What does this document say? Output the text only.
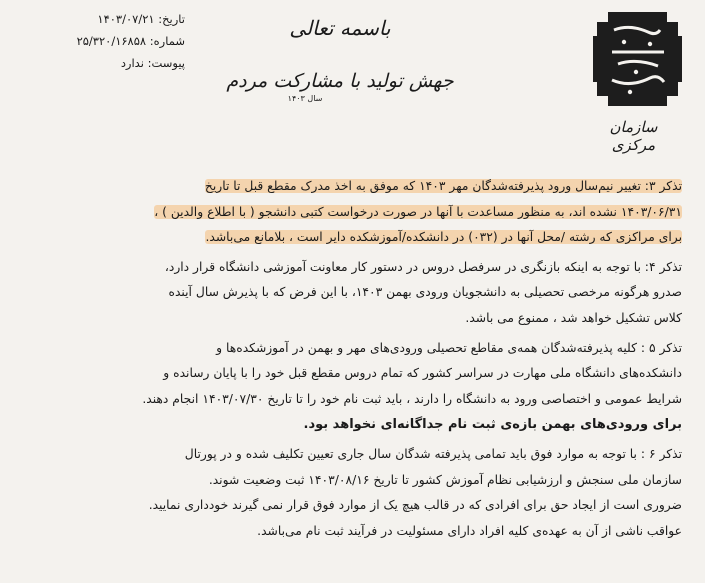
تاریخ: ۱۴۰۳/۰۷/۲۱
شماره: ۲۵/۳۲۰/۱۶۸۵۸
پیوست: ندارد
باسمه تعالی
جهش تولید با مشارکت مردم
سال ۱۴۰۳
سازمان مرکزی
تذکر ۳: تغییر نیم‌سال ورود پذیرفته‌شدگان مهر ۱۴۰۳ که موفق به اخذ مدرک مقطع قبل تا تاریخ
۱۴۰۳/۰۶/۳۱ نشده اند، به منظور مساعدت با آنها در صورت درخواست کتبی دانشجو ( با اطلاع والدین ) ،
برای مراکزی که رشته /محل آنها در (۰۳۲) در دانشکده/آموزشکده دایر است ، بلامانع می‌باشد.
تذکر ۴: با توجه به اینکه بازنگری در سرفصل دروس در دستور کار معاونت آموزشی دانشگاه قرار دارد،
صدرو هرگونه مرخصی تحصیلی به دانشجویان ورودی بهمن ۱۴۰۳، با این فرض که با پذیرش سال آینده
کلاس تشکیل خواهد شد ، ممنوع می باشد.
تذکر ۵ : کلیه پذیرفته‌شدگان همه‌ی مقاطع تحصیلی ورودی‌های مهر و بهمن در آموزشکده‌ها و
دانشکده‌های دانشگاه ملی مهارت در سراسر کشور که تمام دروس مقطع قبل خود را با پایان رسانده و
شرایط عمومی و اختصاصی ورود به دانشگاه را دارند ، باید ثبت نام خود را تا تاریخ ۱۴۰۳/۰۷/۳۰ انجام دهند.
برای ورودی‌های بهمن بازه‌ی ثبت نام جداگانه‌ای نخواهد بود.
تذکر ۶ : با توجه به موارد فوق باید تمامی پذیرفته شدگان سال جاری تعیین تکلیف شده و در پورتال
سازمان ملی سنجش و ارزشیابی نظام آموزش کشور تا تاریخ ۱۴۰۳/۰۸/۱۶ ثبت وضعیت شوند.
ضروری است از ایجاد حق برای افرادی که در قالب هیچ یک از موارد فوق قرار نمی گیرند خودداری نمایید.
عواقب ناشی از آن به عهده‌ی کلیه افراد دارای مسئولیت در فرآیند ثبت نام می‌باشد.
